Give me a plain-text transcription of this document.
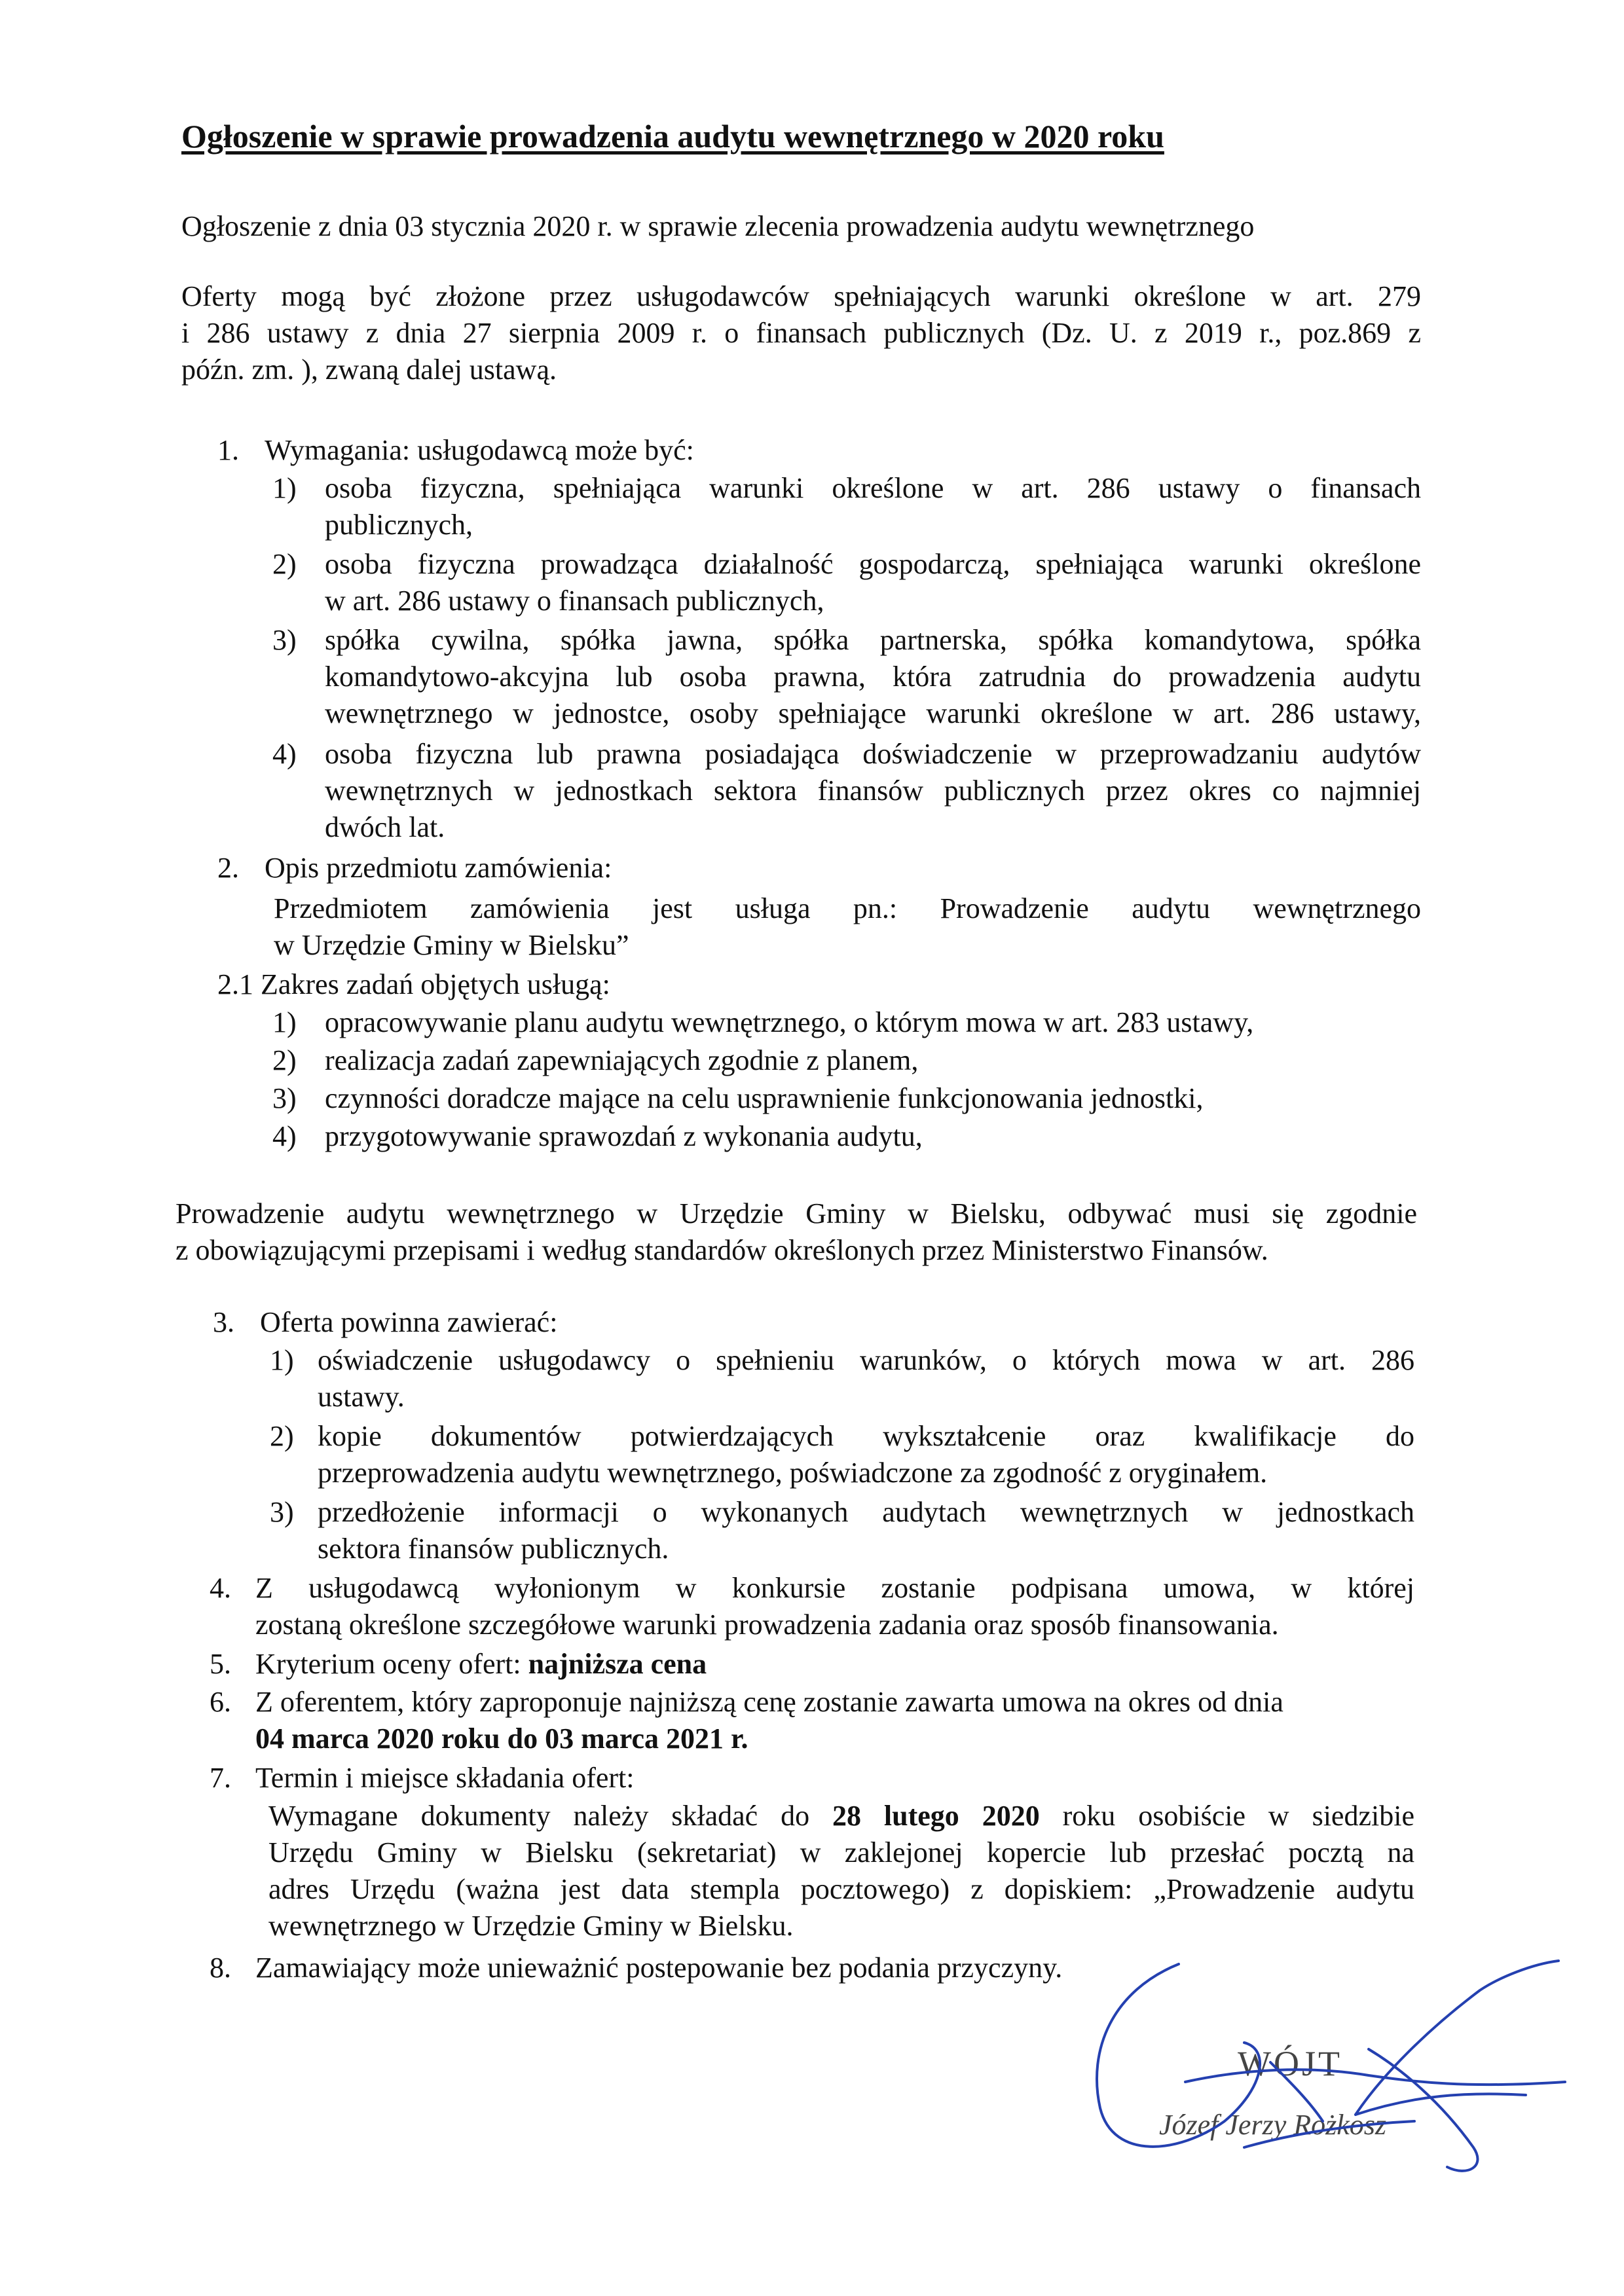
Ogłoszenie w sprawie prowadzenia audytu wewnętrznego w 2020 roku
Ogłoszenie z dnia 03 stycznia 2020 r. w sprawie zlecenia prowadzenia audytu wewnętrznego
Oferty mogą być złożone przez usługodawców spełniających warunki określone w art. 279
i 286 ustawy z dnia 27 sierpnia 2009 r. o finansach publicznych (Dz. U. z 2019 r., poz.869 z
późn. zm. ), zwaną dalej ustawą.
1. Wymagania: usługodawcą może być:
1) osoba fizyczna, spełniająca warunki określone w art. 286 ustawy o finansach
publicznych,
2) osoba fizyczna prowadząca działalność gospodarczą, spełniająca warunki określone
w art. 286 ustawy o finansach publicznych,
3) spółka cywilna, spółka jawna, spółka partnerska, spółka komandytowa, spółka
komandytowo-akcyjna lub osoba prawna, która zatrudnia do prowadzenia audytu
wewnętrznego w jednostce, osoby spełniające warunki określone w art. 286 ustawy,
4) osoba fizyczna lub prawna posiadająca doświadczenie w przeprowadzaniu audytów
wewnętrznych w jednostkach sektora finansów publicznych przez okres co najmniej
dwóch lat.
2. Opis przedmiotu zamówienia:
Przedmiotem zamówienia jest usługa pn.: Prowadzenie audytu wewnętrznego
w Urzędzie Gminy w Bielsku”
2.1 Zakres zadań objętych usługą:
1) opracowywanie planu audytu wewnętrznego, o którym mowa w art. 283 ustawy,
2) realizacja zadań zapewniających zgodnie z planem,
3) czynności doradcze mające na celu usprawnienie funkcjonowania jednostki,
4) przygotowywanie sprawozdań z wykonania audytu,
Prowadzenie audytu wewnętrznego w Urzędzie Gminy w Bielsku, odbywać musi się zgodnie
z obowiązującymi przepisami i według standardów określonych przez Ministerstwo Finansów.
3. Oferta powinna zawierać:
1) oświadczenie usługodawcy o spełnieniu warunków, o których mowa w art. 286
ustawy.
2) kopie dokumentów potwierdzających wykształcenie oraz kwalifikacje do
przeprowadzenia audytu wewnętrznego, poświadczone za zgodność z oryginałem.
3) przedłożenie informacji o wykonanych audytach wewnętrznych w jednostkach
sektora finansów publicznych.
4. Z usługodawcą wyłonionym w konkursie zostanie podpisana umowa, w której
zostaną określone szczegółowe warunki prowadzenia zadania oraz sposób finansowania.
5. Kryterium oceny ofert: najniższa cena
6. Z oferentem, który zaproponuje najniższą cenę zostanie zawarta umowa na okres od dnia
04 marca 2020 roku do 03 marca 2021 r.
7. Termin i miejsce składania ofert:
Wymagane dokumenty należy składać do 28 lutego 2020 roku osobiście w siedzibie
Urzędu Gminy w Bielsku (sekretariat) w zaklejonej kopercie lub przesłać pocztą na
adres Urzędu (ważna jest data stempla pocztowego) z dopiskiem: „Prowadzenie audytu
wewnętrznego w Urzędzie Gminy w Bielsku.
8. Zamawiający może unieważnić postepowanie bez podania przyczyny.
WÓJT
Józef Jerzy Rożkosz
